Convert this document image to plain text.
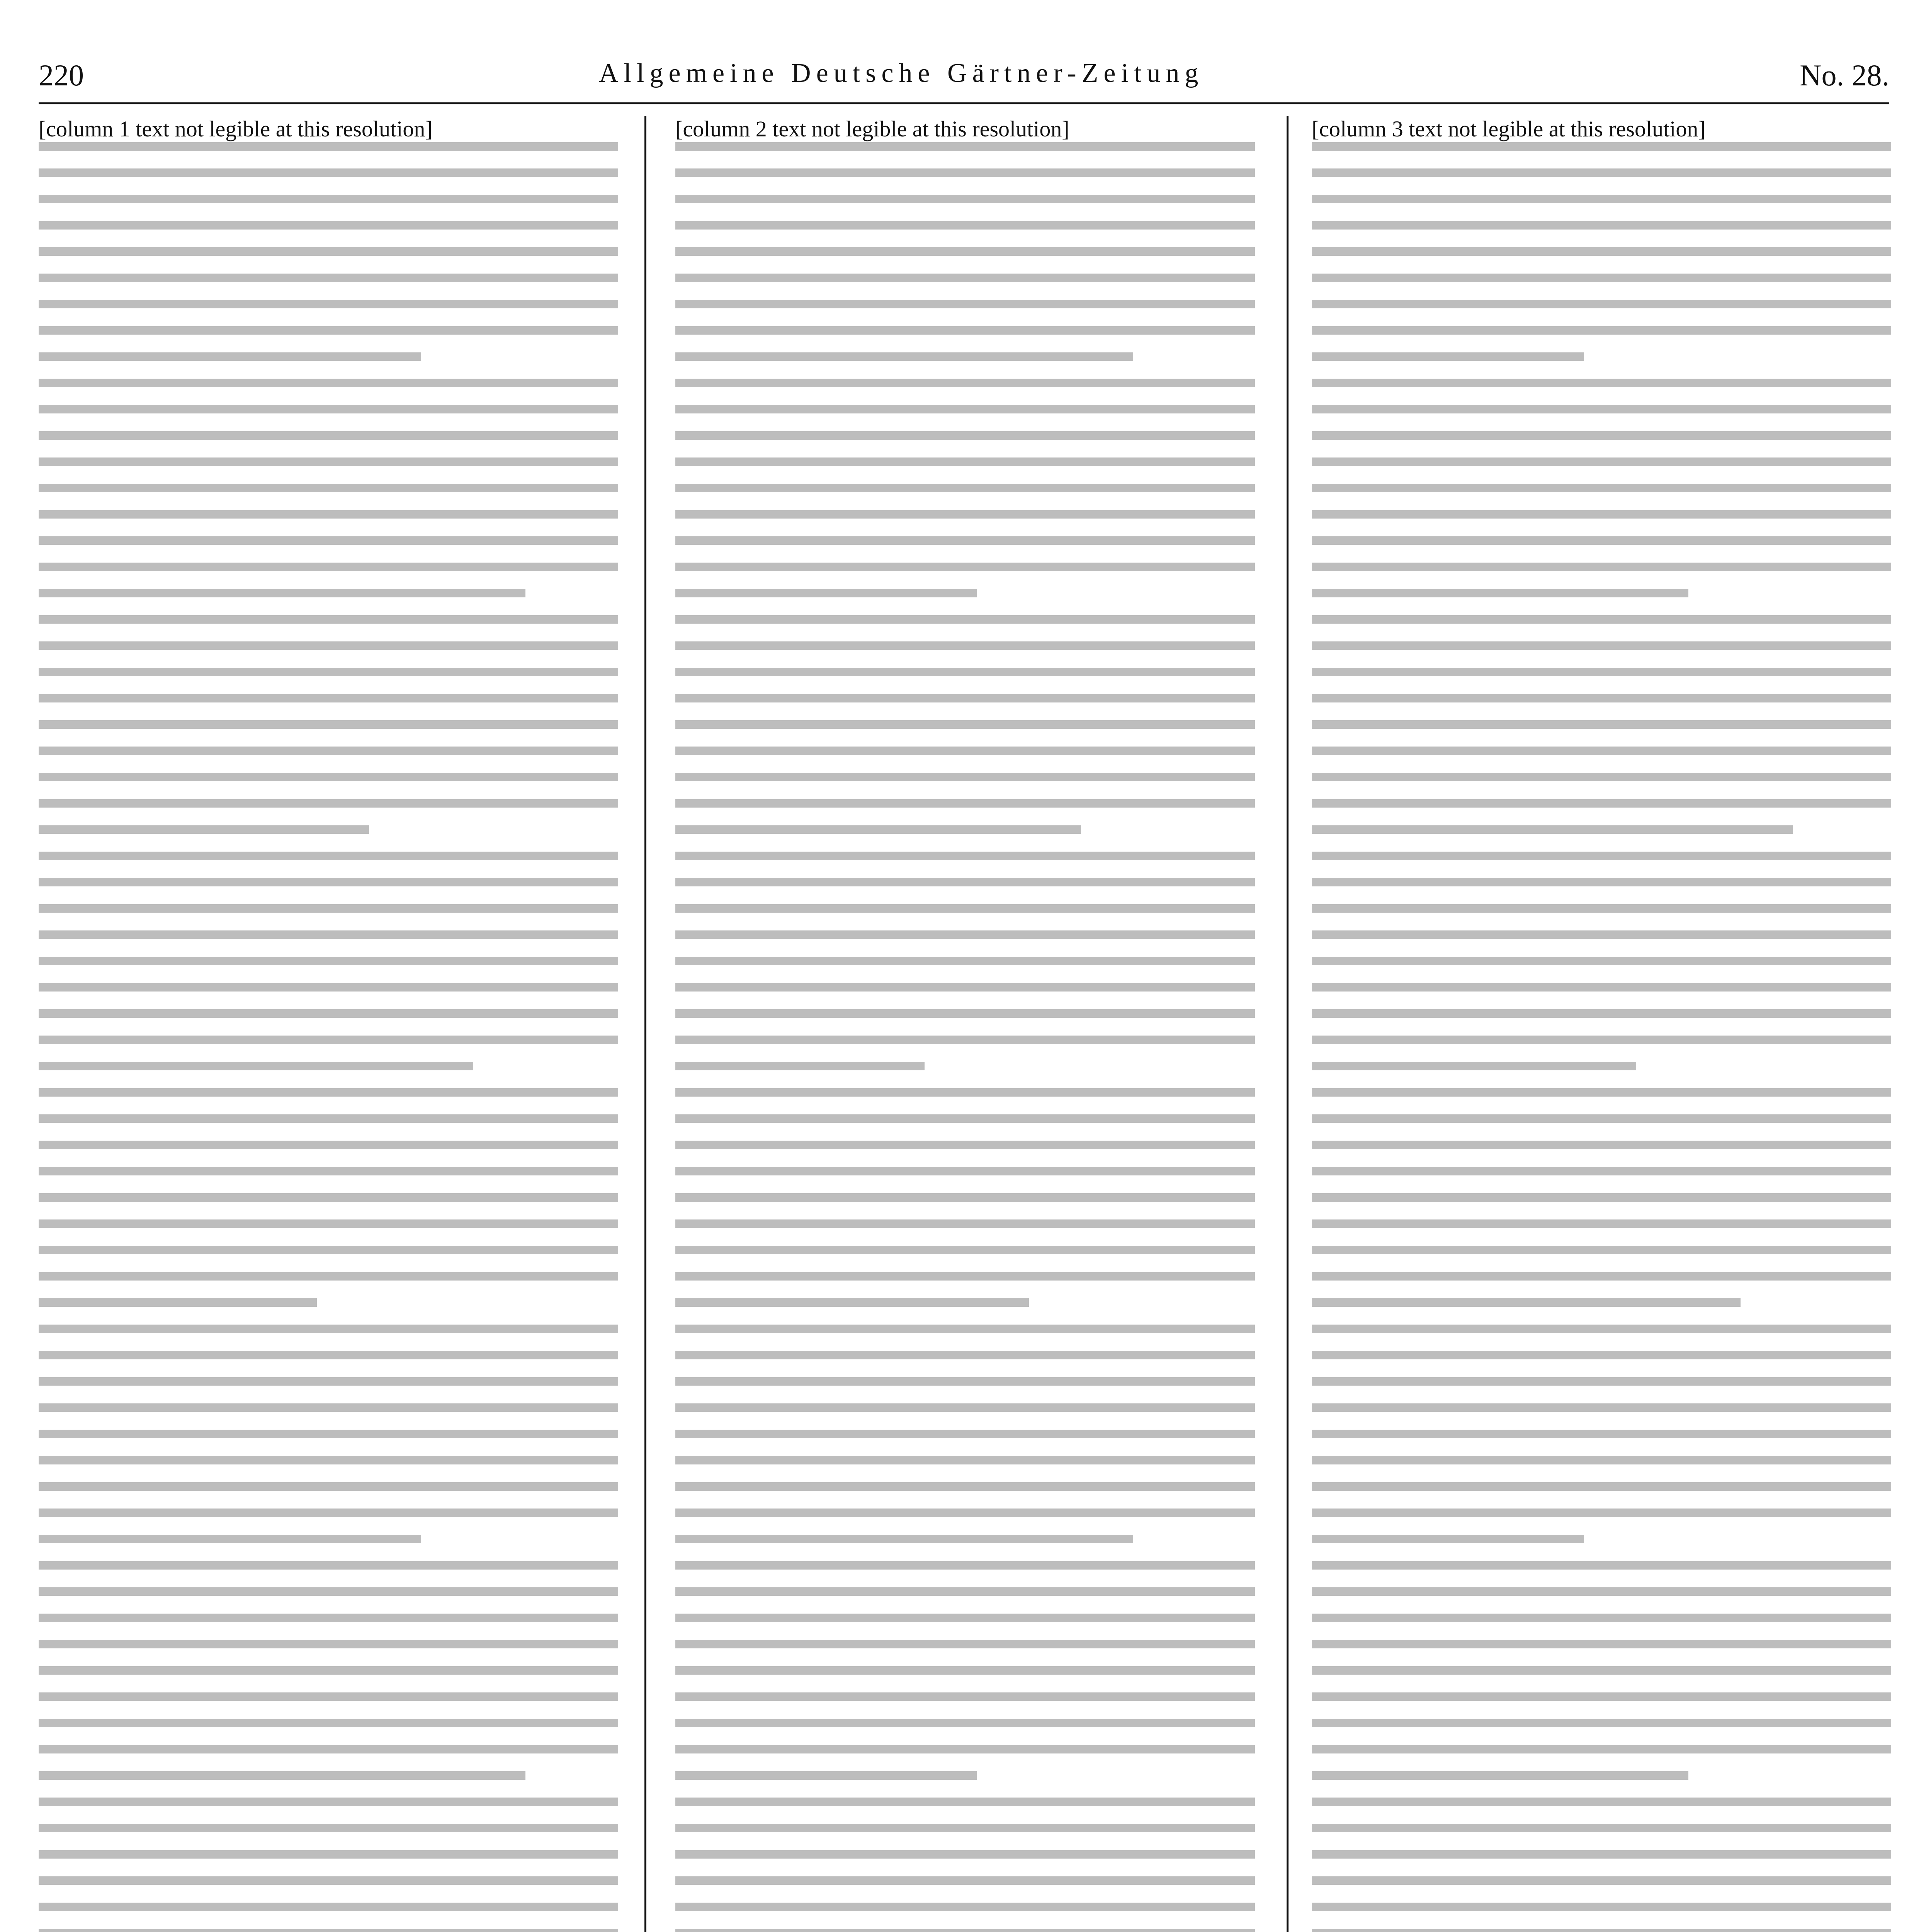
220	Allgemeine Deutsche Gärtner-Zeitung	No. 28.

[column 1 text not legible at this resolution]	[column 2 text not legible at this resolution]	[column 3 text not legible at this resolution]
